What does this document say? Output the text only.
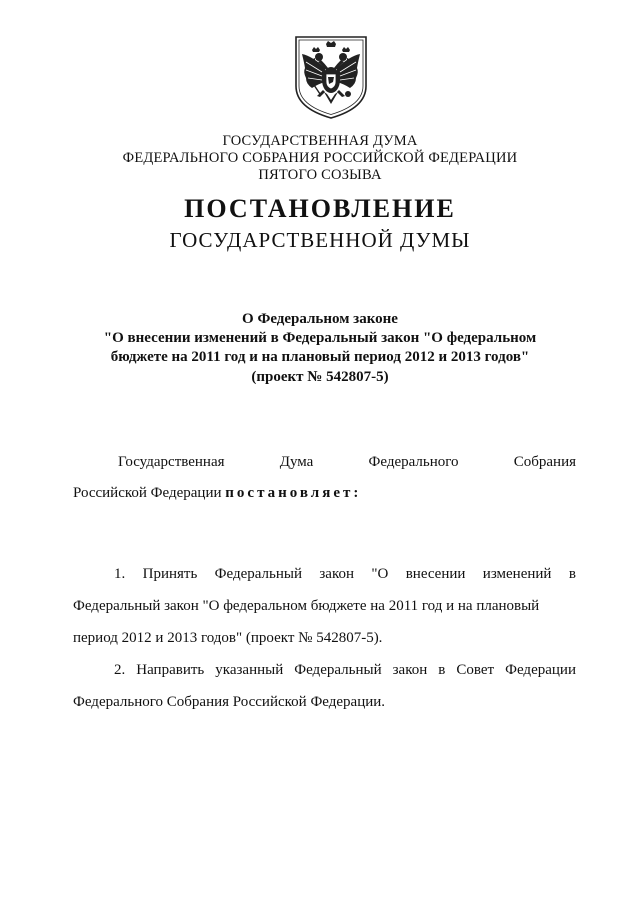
ГОСУДАРСТВЕННАЯ ДУМА
ФЕДЕРАЛЬНОГО СОБРАНИЯ РОССИЙСКОЙ ФЕДЕРАЦИИ
ПЯТОГО СОЗЫВА
ПОСТАНОВЛЕНИЕ
ГОСУДАРСТВЕННОЙ ДУМЫ
О Федеральном законе
"О внесении изменений в Федеральный закон "О федеральном
бюджете на 2011 год и на плановый период 2012 и 2013 годов"
(проект № 542807-5)
Государственная	Дума	Федерального	Собрания
Российской Федерации постановляет:
1. Принять Федеральный закон "О внесении изменений в
Федеральный закон "О федеральном бюджете на 2011 год и на плановый
период 2012 и 2013 годов" (проект № 542807-5).
2. Направить указанный Федеральный закон в Совет Федерации
Федерального Собрания Российской Федерации.
